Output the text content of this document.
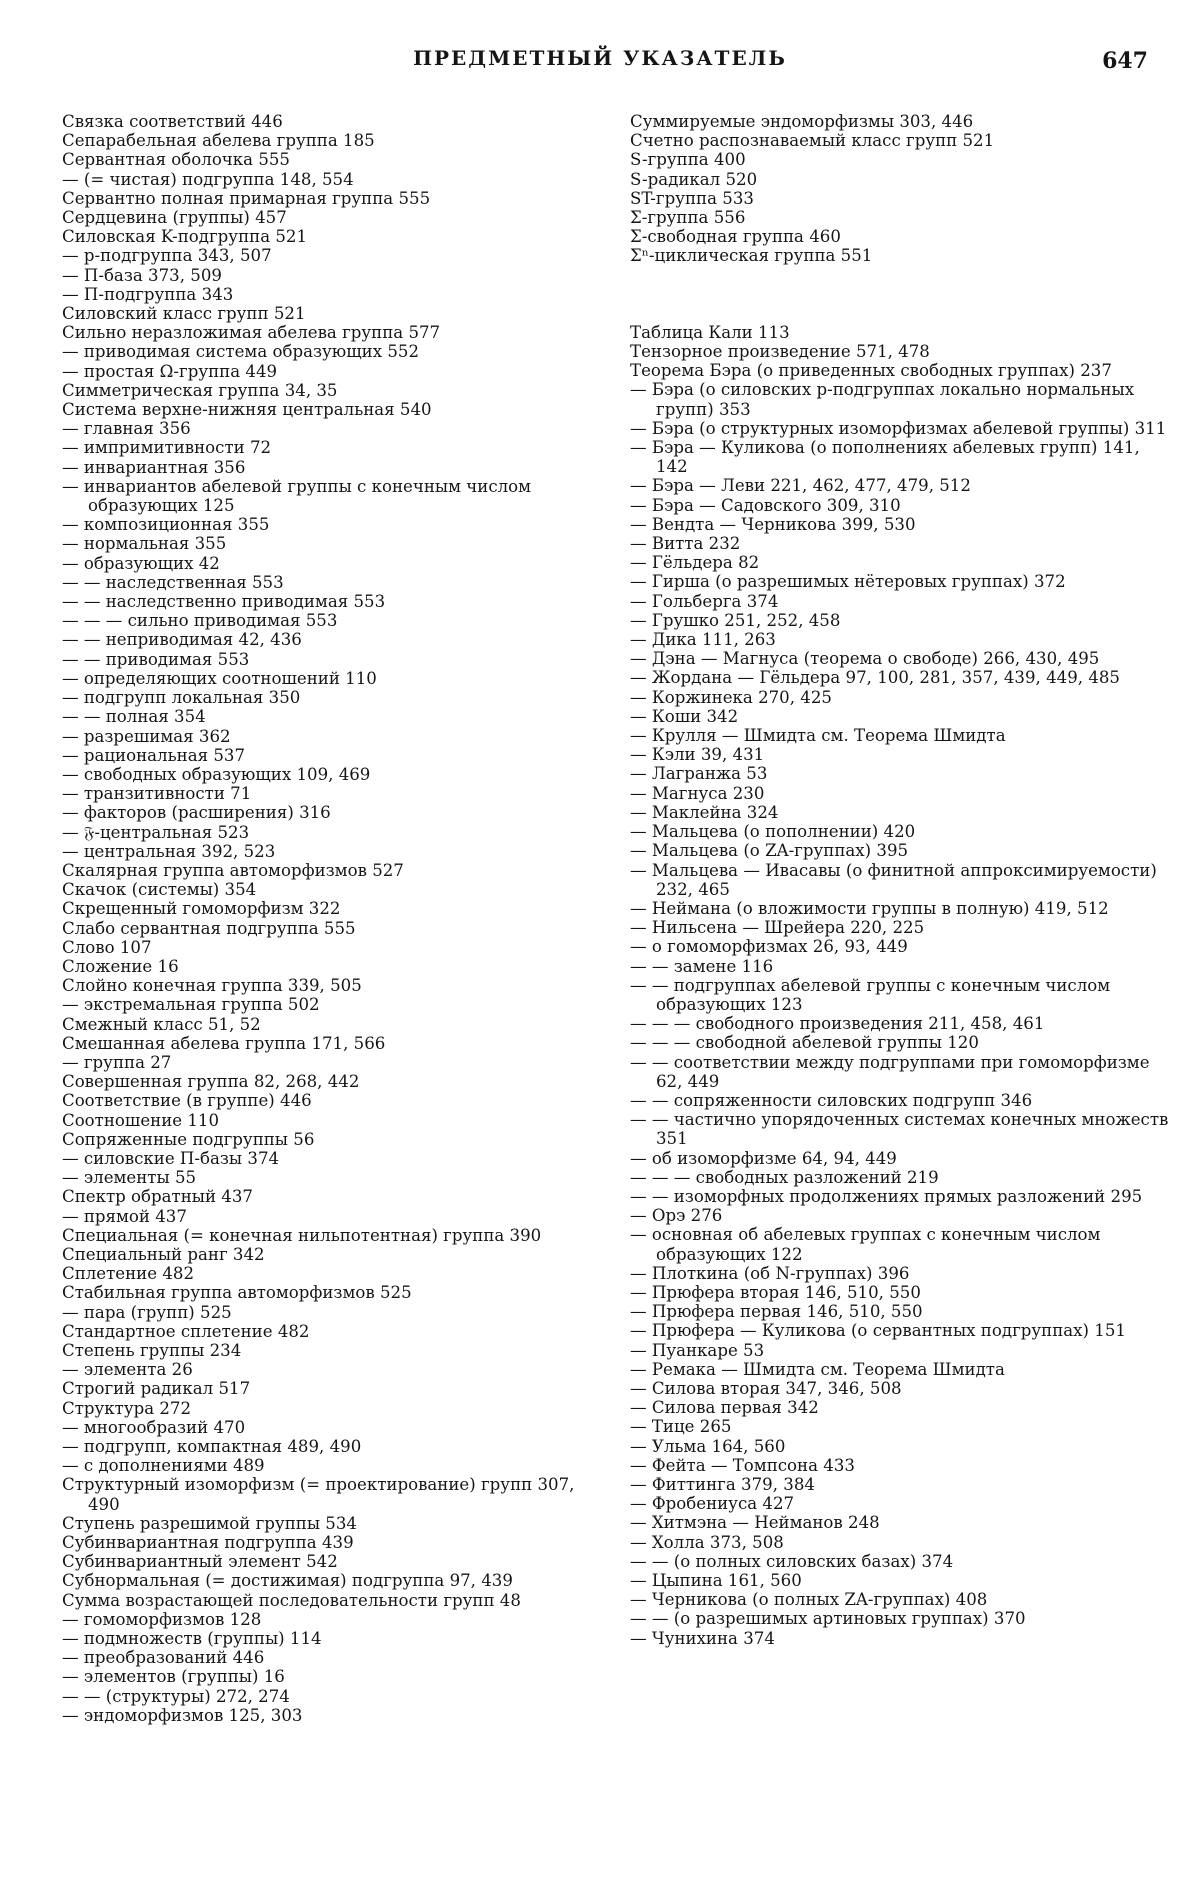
ПРЕДМЕТНЫЙ УКАЗАТЕЛЬ	647

Связка соответствий 446

Сепарабельная абелева группа 185

Сервантная оболочка 555

— (= чистая) подгруппа 148, 554

Сервантно полная примарная группа 555

Сердцевина (группы) 457

Силовская K-подгруппа 521

— p-подгруппа 343, 507

— П-база 373, 509

— П-подгруппа 343

Силовский класс групп 521

Сильно неразложимая абелева группа 577

— приводимая система образующих 552

— простая Ω-группа 449

Симметрическая группа 34, 35

Система верхне-нижняя центральная 540

— главная 356

— импримитивности 72

— инвариантная 356

— инвариантов абелевой группы с конечным числом образующих 125

— композиционная 355

— нормальная 355

— образующих 42

— — наследственная 553

— — наследственно приводимая 553

— — — сильно приводимая 553

— — неприводимая 42, 436

— — приводимая 553

— определяющих соотношений 110

— подгрупп локальная 350

— — полная 354

— разрешимая 362

— рациональная 537

— свободных образующих 109, 469

— транзитивности 71

— факторов (расширения) 316

— 𝔉-центральная 523

— центральная 392, 523

Скалярная группа автоморфизмов 527

Скачок (системы) 354

Скрещенный гомоморфизм 322

Слабо сервантная подгруппа 555

Слово 107

Сложение 16

Слойно конечная группа 339, 505

— экстремальная группа 502

Смежный класс 51, 52

Смешанная абелева группа 171, 566

— группа 27

Совершенная группа 82, 268, 442

Соответствие (в группе) 446

Соотношение 110

Сопряженные подгруппы 56

— силовские П-базы 374

— элементы 55

Спектр обратный 437

— прямой 437

Специальная (= конечная нильпотентная) группа 390

Специальный ранг 342

Сплетение 482

Стабильная группа автоморфизмов 525

— пара (групп) 525

Стандартное сплетение 482

Степень группы 234

— элемента 26

Строгий радикал 517

Структура 272

— многообразий 470

— подгрупп, компактная 489, 490

— с дополнениями 489

Структурный изоморфизм (= проектирование) групп 307, 490

Ступень разрешимой группы 534

Субинвариантная подгруппа 439

Субинвариантный элемент 542

Субнормальная (= достижимая) подгруппа 97, 439

Сумма возрастающей последовательности групп 48

— гомоморфизмов 128

— подмножеств (группы) 114

— преобразований 446

— элементов (группы) 16

— — (структуры) 272, 274

— эндоморфизмов 125, 303

Суммируемые эндоморфизмы 303, 446

Счетно распознаваемый класс групп 521

S-группа 400

S-радикал 520

ST-группа 533

Σ-группа 556

Σ-свободная группа 460

Σⁿ-циклическая группа 551

Таблица Кали 113

Тензорное произведение 571, 478

Теорема Бэра (о приведенных свободных группах) 237

— Бэра (о силовских p-подгруппах локально нормальных групп) 353

— Бэра (о структурных изоморфизмах абелевой группы) 311

— Бэра — Куликова (о пополнениях абелевых групп) 141, 142

— Бэра — Леви 221, 462, 477, 479, 512

— Бэра — Садовского 309, 310

— Вендта — Черникова 399, 530

— Витта 232

— Гёльдера 82

— Гирша (о разрешимых нётеровых группах) 372

— Гольберга 374

— Грушко 251, 252, 458

— Дика 111, 263

— Дэна — Магнуса (теорема о свободе) 266, 430, 495

— Жордана — Гёльдера 97, 100, 281, 357, 439, 449, 485

— Коржинека 270, 425

— Коши 342

— Крулля — Шмидта см. Теорема Шмидта

— Кэли 39, 431

— Лагранжа 53

— Магнуса 230

— Маклейна 324

— Мальцева (о пополнении) 420

— Мальцева (о ZA-группах) 395

— Мальцева — Ивасавы (о финитной аппроксимируемости) 232, 465

— Неймана (о вложимости группы в полную) 419, 512

— Нильсена — Шрейера 220, 225

— о гомоморфизмах 26, 93, 449

— — замене 116

— — подгруппах абелевой группы с конечным числом образующих 123

— — — свободного произведения 211, 458, 461

— — — свободной абелевой группы 120

— — соответствии между подгруппами при гомоморфизме 62, 449

— — сопряженности силовских подгрупп 346

— — частично упорядоченных системах конечных множеств 351

— об изоморфизме 64, 94, 449

— — — свободных разложений 219

— — изоморфных продолжениях прямых разложений 295

— Орэ 276

— основная об абелевых группах с конечным числом образующих 122

— Плоткина (об N-группах) 396

— Прюфера вторая 146, 510, 550

— Прюфера первая 146, 510, 550

— Прюфера — Куликова (о сервантных подгруппах) 151

— Пуанкаре 53

— Ремака — Шмидта см. Теорема Шмидта

— Силова вторая 347, 346, 508

— Силова первая 342

— Тице 265

— Ульма 164, 560

— Фейта — Томпсона 433

— Фиттинга 379, 384

— Фробениуса 427

— Хитмэна — Нейманов 248

— Холла 373, 508

— — (о полных силовских базах) 374

— Цыпина 161, 560

— Черникова (о полных ZA-группах) 408

— — (о разрешимых артиновых группах) 370

— Чунихина 374
